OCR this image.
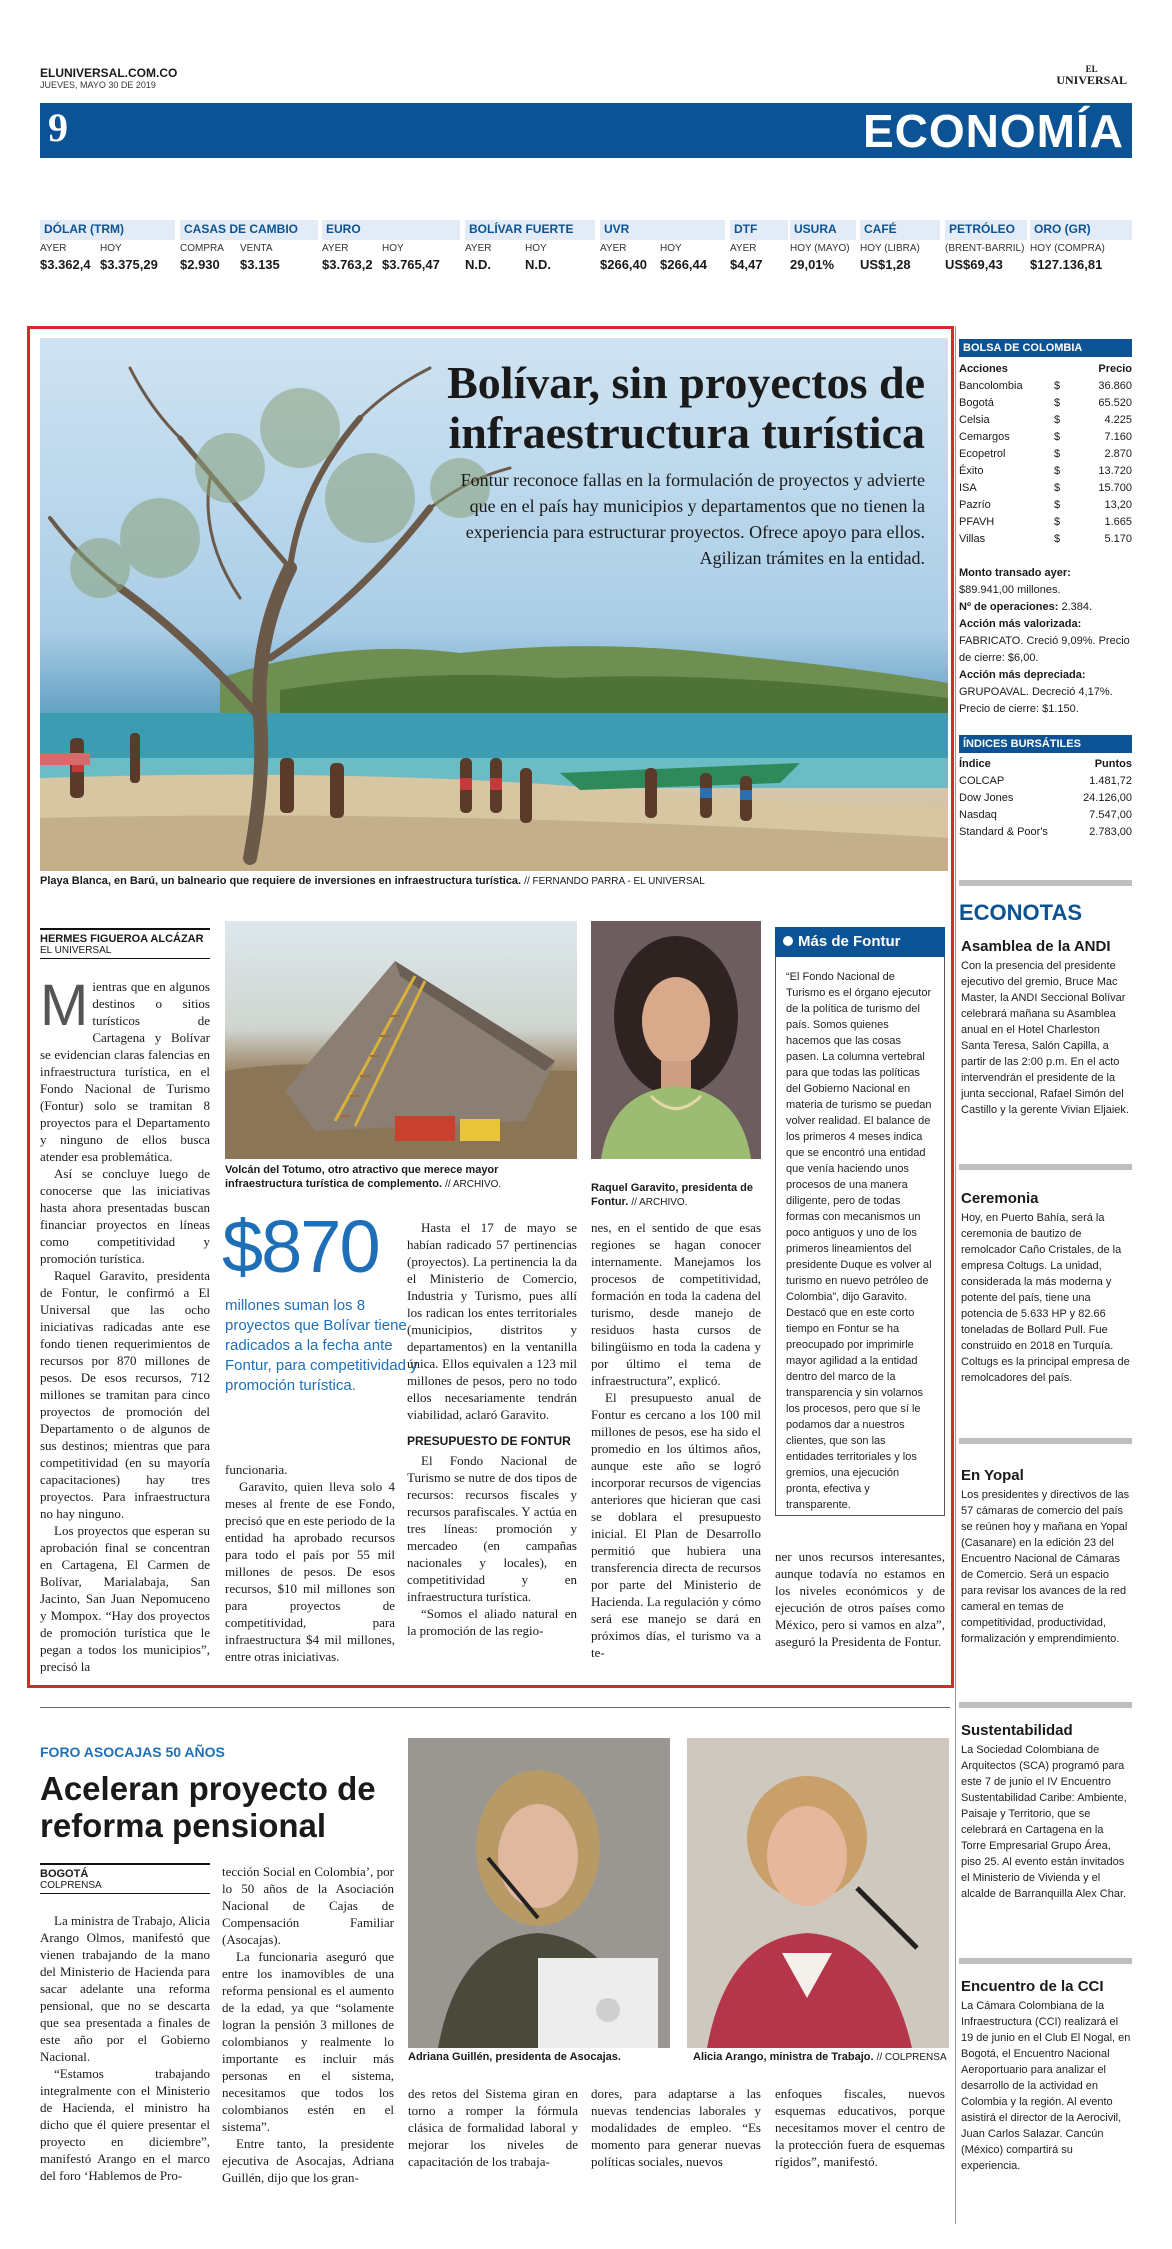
ELUNIVERSAL.COM.CO
JUEVES, MAYO 30 DE 2019
EL
UNIVERSAL
9	ECONOMÍA
DÓLAR (TRM)
AYER	HOY
$3.362,4 $3.375,29
CASAS DE CAMBIO
COMPRA VENTA
$2.930 $3.135
EURO
AYER	HOY
$3.763,2 $3.765,47
BOLÍVAR FUERTE
AYER	HOY
N.D.	N.D.
UVR
AYER	HOY
$266,40 $266,44
DTF
AYER
$4,47
USURA
HOY (MAYO)
29,01%
CAFÉ
HOY (LIBRA)
US$1,28
PETRÓLEO
(BRENT-BARRIL)
US$69,43
ORO (GR)
HOY (COMPRA)
$127.136,81
Bolívar, sin proyectos de infraestructura turística
Fontur reconoce fallas en la formulación de proyectos y advierte que en el país hay municipios y departamentos que no tienen la experiencia para estructurar proyectos. Ofrece apoyo para ellos. Agilizan trámites en la entidad.
Playa Blanca, en Barú, un balneario que requiere de inversiones en infraestructura turística. // FERNANDO PARRA - EL UNIVERSAL
HERMES FIGUEROA ALCÁZAR
EL UNIVERSAL
M ientras que en algunos destinos o sitios turísticos de Cartagena y Bolívar se evidencian claras falencias en infraestructura turística, en el Fondo Nacional de Turismo (Fontur) solo se tramitan 8 proyectos para el Departamento y ninguno de ellos busca atender esa problemática.

Así se concluye luego de conocerse que las iniciativas hasta ahora presentadas buscan financiar proyectos en líneas como competitividad y promoción turística.

Raquel Garavito, presidenta de Fontur, le confirmó a El Universal que las ocho iniciativas radicadas ante ese fondo tienen requerimientos de recursos por 870 millones de pesos. De esos recursos, 712 millones se tramitan para cinco proyectos de promoción del Departamento o de algunos de sus destinos; mientras que para competitividad (en su mayoría capacitaciones) hay tres proyectos. Para infraestructura no hay ninguno.

Los proyectos que esperan su aprobación final se concentran en Cartagena, El Carmen de Bolívar, Marialabaja, San Jacinto, San Juan Nepomuceno y Mompox. “Hay dos proyectos de promoción turística que le pegan a todos los municipios”, precisó la

Volcán del Totumo, otro atractivo que merece mayor infraestructura turística de complemento. // ARCHIVO.	Raquel Garavito, presidenta de Fontur. // ARCHIVO.
$870
millones suman los 8 proyectos que Bolívar tiene radicados a la fecha ante Fontur, para competitividad y promoción turística.

funcionaria.

Garavito, quien lleva solo 4 meses al frente de ese Fondo, precisó que en este periodo de la entidad ha aprobado recursos para todo el país por 55 mil millones de pesos. De esos recursos, $10 mil millones son para proyectos de competitividad, para infraestructura $4 mil millones, entre otras iniciativas.

Hasta el 17 de mayo se habían radicado 57 pertinencias (proyectos). La pertinencia la da el Ministerio de Comercio, Industria y Turismo, pues allí los radican los entes territoriales (municipios, distritos y departamentos) en la ventanilla única. Ellos equivalen a 123 mil millones de pesos, pero no todo ellos necesariamente tendrán viabilidad, aclaró Garavito.

PRESUPUESTO DE FONTUR

El Fondo Nacional de Turismo se nutre de dos tipos de recursos: recursos fiscales y recursos parafiscales. Y actúa en tres líneas: promoción y mercadeo (en campañas nacionales y locales), en competitividad y en infraestructura turística.

“Somos el aliado natural en la promoción de las regio-

nes, en el sentido de que esas regiones se hagan conocer internamente. Manejamos los procesos de competitividad, formación en toda la cadena del turismo, desde manejo de residuos hasta cursos de bilingüismo en toda la cadena y por último el tema de infraestructura”, explicó.

El presupuesto anual de Fontur es cercano a los 100 mil millones de pesos, ese ha sido el promedio en los últimos años, aunque este año se logró incorporar recursos de vigencias anteriores que hicieran que casi se doblara el presupuesto inicial. El Plan de Desarrollo permitió que hubiera una transferencia directa de recursos por parte del Ministerio de Hacienda. La regulación y cómo será ese manejo se dará en próximos días, el turismo va a te-

ner unos recursos interesantes, aunque todavía no estamos en los niveles económicos y de ejecución de otros países como México, pero si vamos en alza”, aseguró la Presidenta de Fontur.

Más de Fontur
“El Fondo Nacional de Turismo es el órgano ejecutor de la política de turismo del país. Somos quienes hacemos que las cosas pasen. La columna vertebral para que todas las políticas del Gobierno Nacional en materia de turismo se puedan volver realidad. El balance de los primeros 4 meses indica que se encontró una entidad que venía haciendo unos procesos de una manera diligente, pero de todas formas con mecanismos un poco antiguos y uno de los primeros lineamientos del presidente Duque es volver al turismo en nuevo petróleo de Colombia”, dijo Garavito. Destacó que en este corto tiempo en Fontur se ha preocupado por imprimirle mayor agilidad a la entidad dentro del marco de la transparencia y sin volarnos los procesos, pero que sí le podamos dar a nuestros clientes, que son las entidades territoriales y los gremios, una ejecución pronta, efectiva y transparente.
BOLSA DE COLOMBIA
Acciones	Precio
Bancolombia	$	36.860
Bogotá	$	65.520
Celsia	$	4.225
Cemargos	$	7.160
Ecopetrol	$	2.870
Éxito	$	13.720
ISA	$	15.700
Pazrío	$	13,20
PFAVH	$	1.665
Villas	$	5.170
Monto transado ayer:
$89.941,00 millones.
Nº de operaciones: 2.384.
Acción más valorizada: FABRICATO. Creció 9,09%. Precio de cierre: $6,00.
Acción más depreciada:
GRUPOAVAL. Decreció 4,17%. Precio de cierre: $1.150.
ÍNDICES BURSÁTILES
Índice	Puntos
COLCAP	1.481,72
Dow Jones	24.126,00
Nasdaq	7.547,00
Standard & Poor's	2.783,00
ECONOTAS
Asamblea de la ANDI
Con la presencia del presidente ejecutivo del gremio, Bruce Mac Master, la ANDI Seccional Bolívar celebrará mañana su Asamblea anual en el Hotel Charleston Santa Teresa, Salón Capilla, a partir de las 2:00 p.m. En el acto intervendrán el presidente de la junta seccional, Rafael Simón del Castillo y la gerente Vivian Eljaiek.
Ceremonia
Hoy, en Puerto Bahía, será la ceremonia de bautizo de remolcador Caño Cristales, de la empresa Coltugs. La unidad, considerada la más moderna y potente del país, tiene una potencia de 5.633 HP y 82.66 toneladas de Bollard Pull. Fue construido en 2018 en Turquía. Coltugs es la principal empresa de remolcadores del país.
En Yopal
Los presidentes y directivos de las 57 cámaras de comercio del país se reúnen hoy y mañana en Yopal (Casanare) en la edición 23 del Encuentro Nacional de Cámaras de Comercio. Será un espacio para revisar los avances de la red cameral en temas de competitividad, productividad, formalización y emprendimiento.
Sustentabilidad
La Sociedad Colombiana de Arquitectos (SCA) programó para este 7 de junio el IV Encuentro Sustentabilidad Caribe: Ambiente, Paisaje y Territorio, que se celebrará en Cartagena en la Torre Empresarial Grupo Área, piso 25. Al evento están invitados el Ministerio de Vivienda y el alcalde de Barranquilla Alex Char.
Encuentro de la CCI
La Cámara Colombiana de la Infraestructura (CCI) realizará el 19 de junio en el Club El Nogal, en Bogotá, el Encuentro Nacional Aeroportuario para analizar el desarrollo de la actividad en Colombia y la región. Al evento asistirá el director de la Aerocivil, Juan Carlos Salazar. Cancún (México) compartirá su experiencia.
FORO ASOCAJAS 50 AÑOS
Aceleran proyecto de reforma pensional
BOGOTÁ
COLPRENSA

La ministra de Trabajo, Alicia Arango Olmos, manifestó que vienen trabajando de la mano del Ministerio de Hacienda para sacar adelante una reforma pensional, que no se descarta que sea presentada a finales de este año por el Gobierno Nacional.

“Estamos trabajando integralmente con el Ministerio de Hacienda, el ministro ha dicho que él quiere presentar el proyecto en diciembre”, manifestó Arango en el marco del foro ‘Hablemos de Pro-

tección Social en Colombia’, por lo 50 años de la Asociación Nacional de Cajas de Compensación Familiar (Asocajas).

La funcionaria aseguró que entre los inamovibles de una reforma pensional es el aumento de la edad, ya que “solamente logran la pensión 3 millones de colombianos y realmente lo importante es incluir más personas en el sistema, necesitamos que todos los colombianos estén en el sistema”.

Entre tanto, la presidente ejecutiva de Asocajas, Adriana Guillén, dijo que los gran-

Adriana Guillén, presidenta de Asocajas.	Alicia Arango, ministra de Trabajo. // COLPRENSA

des retos del Sistema giran en torno a romper la fórmula clásica de formalidad laboral y mejorar los niveles de capacitación de los trabaja-

dores, para adaptarse a las nuevas tendencias laborales y modalidades de empleo. “Es momento para generar nuevas políticas sociales, nuevos

enfoques fiscales, nuevos esquemas educativos, porque necesitamos mover el centro de la protección fuera de esquemas rígidos”, manifestó.
